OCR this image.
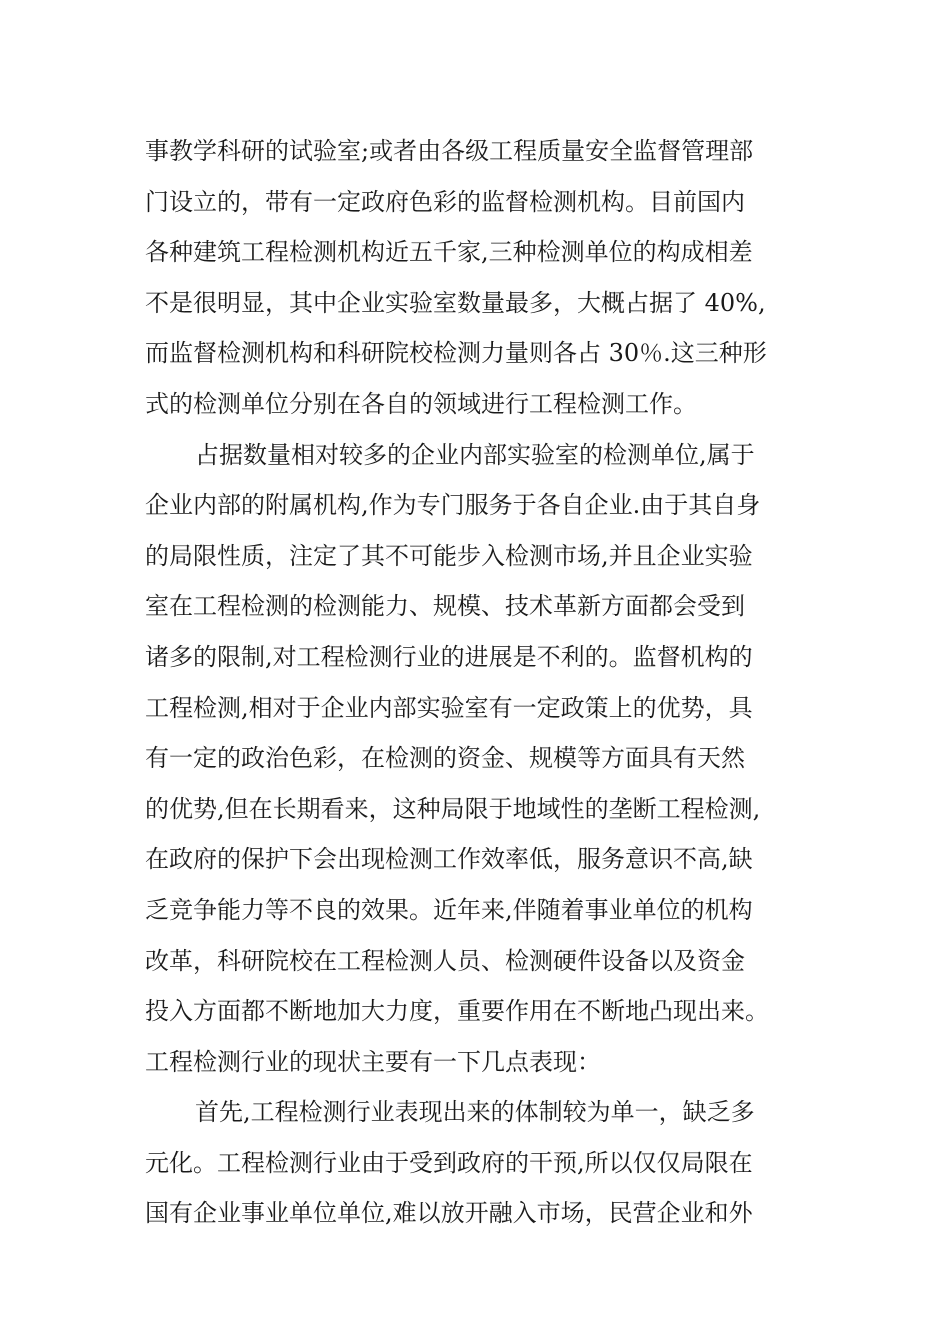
事教学科研的试验室;或者由各级工程质量安全监督管理部
门设立的，带有一定政府色彩的监督检测机构。目前国内
各种建筑工程检测机构近五千家,三种检测单位的构成相差
不是很明显，其中企业实验室数量最多，大概占据了 40%,
而监督检测机构和科研院校检测力量则各占 30％.这三种形
式的检测单位分别在各自的领域进行工程检测工作。
占据数量相对较多的企业内部实验室的检测单位,属于
企业内部的附属机构,作为专门服务于各自企业.由于其自身
的局限性质，注定了其不可能步入检测市场,并且企业实验
室在工程检测的检测能力、规模、技术革新方面都会受到
诸多的限制,对工程检测行业的进展是不利的。监督机构的
工程检测,相对于企业内部实验室有一定政策上的优势，具
有一定的政治色彩，在检测的资金、规模等方面具有天然
的优势,但在长期看来，这种局限于地域性的垄断工程检测,
在政府的保护下会出现检测工作效率低，服务意识不高,缺
乏竞争能力等不良的效果。近年来,伴随着事业单位的机构
改革，科研院校在工程检测人员、检测硬件设备以及资金
投入方面都不断地加大力度，重要作用在不断地凸现出来。
工程检测行业的现状主要有一下几点表现：
首先,工程检测行业表现出来的体制较为单一，缺乏多
元化。工程检测行业由于受到政府的干预,所以仅仅局限在
国有企业事业单位单位,难以放开融入市场，民营企业和外
